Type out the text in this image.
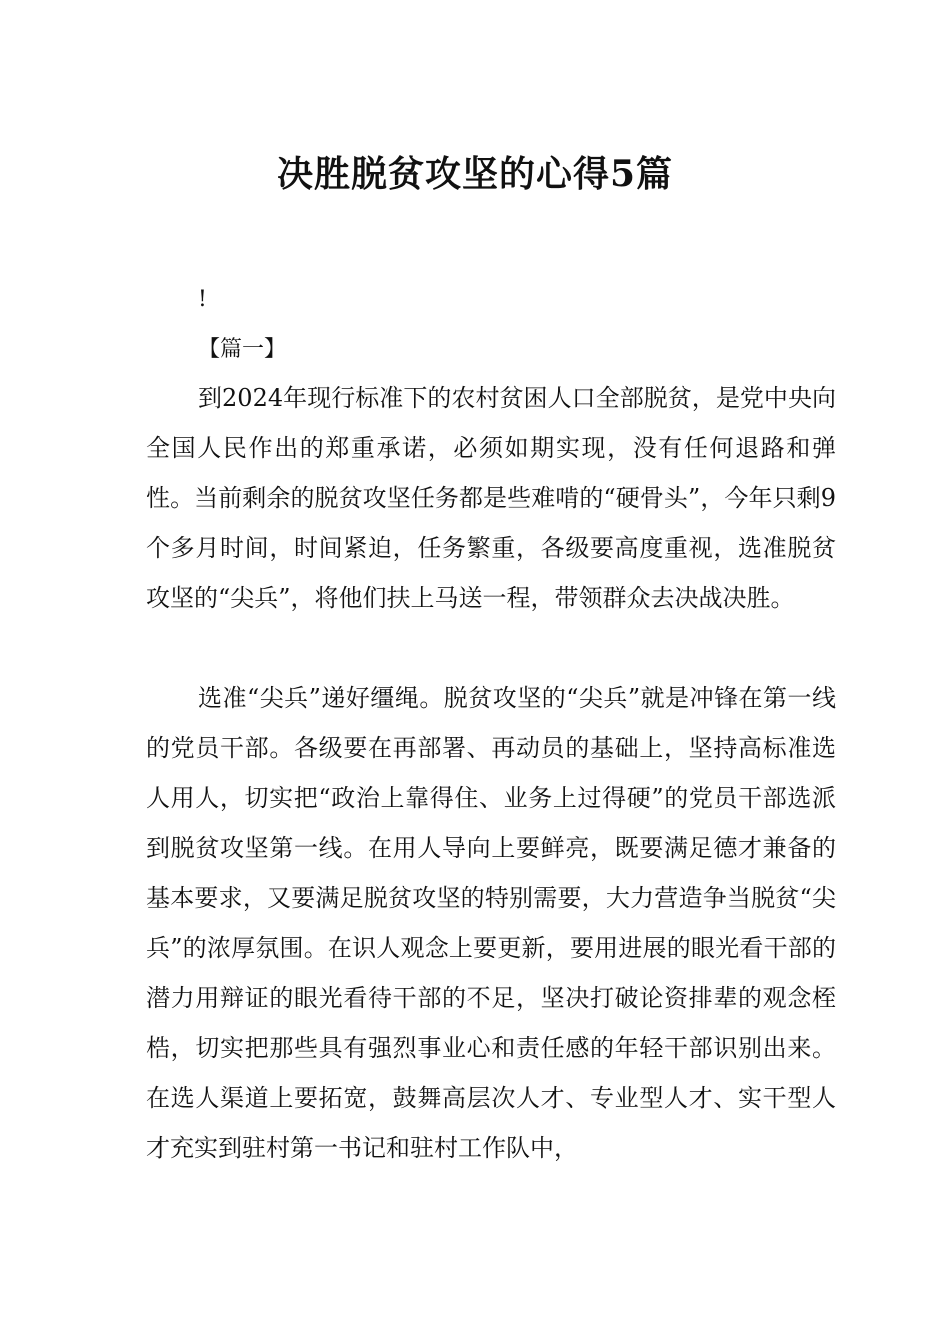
决胜脱贫攻坚的心得5篇
!
【篇一】

到2024年现行标准下的农村贫困人口全部脱贫，是党中央向全国人民作出的郑重承诺，必须如期实现，没有任何退路和弹性。当前剩余的脱贫攻坚任务都是些难啃的“硬骨头”，今年只剩9个多月时间，时间紧迫，任务繁重，各级要高度重视，选准脱贫攻坚的“尖兵”，将他们扶上马送一程，带领群众去决战决胜。

选准“尖兵”递好缰绳。脱贫攻坚的“尖兵”就是冲锋在第一线的党员干部。各级要在再部署、再动员的基础上，坚持高标准选人用人，切实把“政治上靠得住、业务上过得硬”的党员干部选派到脱贫攻坚第一线。在用人导向上要鲜亮，既要满足德才兼备的基本要求，又要满足脱贫攻坚的特别需要，大力营造争当脱贫“尖兵”的浓厚氛围。在识人观念上要更新，要用进展的眼光看干部的潜力用辩证的眼光看待干部的不足，坚决打破论资排辈的观念桎梏，切实把那些具有强烈事业心和责任感的年轻干部识别出来。在选人渠道上要拓宽，鼓舞高层次人才、专业型人才、实干型人才充实到驻村第一书记和驻村工作队中，
